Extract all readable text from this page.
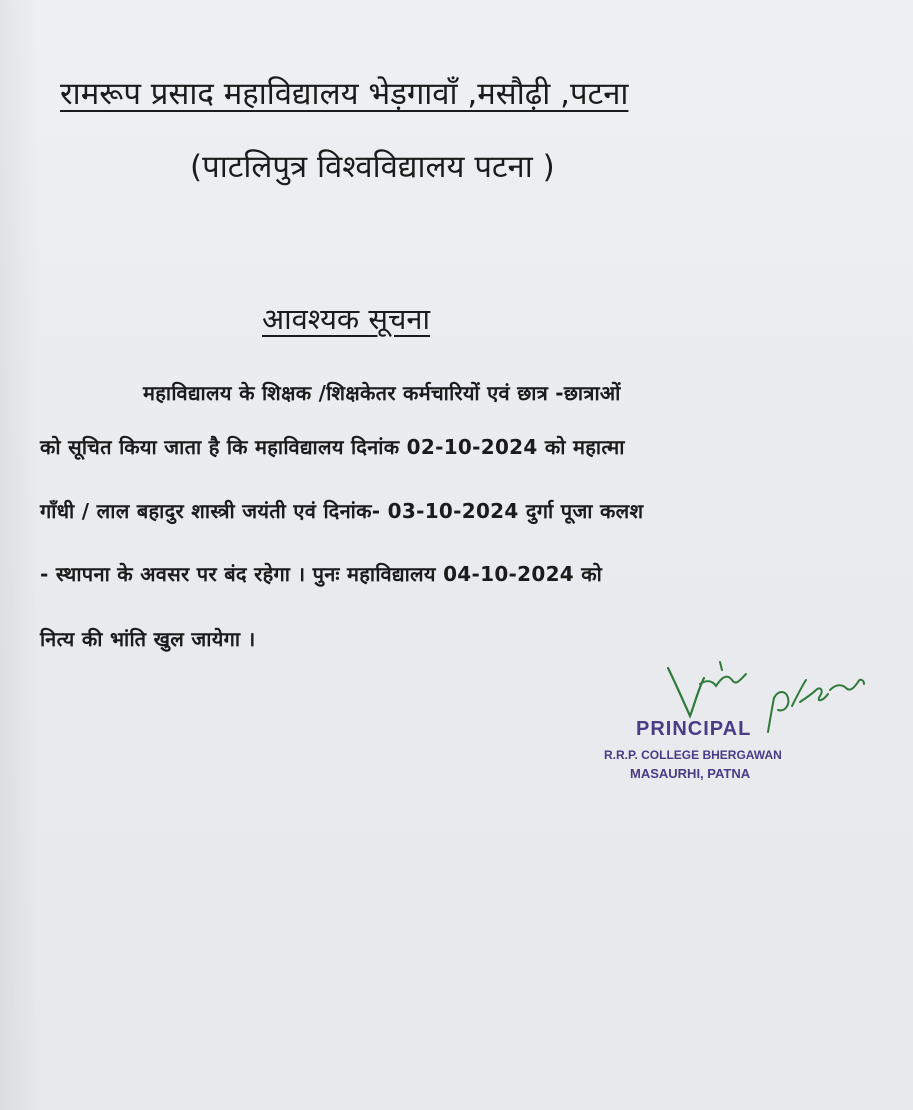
रामरूप प्रसाद महाविद्यालय भेड़गावाँ ,मसौढ़ी ,पटना
(पाटलिपुत्र विश्वविद्यालय पटना )
आवश्यक सूचना
महाविद्यालय के शिक्षक /शिक्षकेतर कर्मचारियों एवं छात्र -छात्राओं
को सूचित किया जाता है कि महाविद्यालय दिनांक 02-10-2024 को महात्मा
गाँधी / लाल बहादुर शास्त्री जयंती एवं दिनांक- 03-10-2024 दुर्गा पूजा कलश
- स्थापना के अवसर पर बंद रहेगा । पुनः महाविद्यालय 04-10-2024 को
नित्य की भांति खुल जायेगा ।
PRINCIPAL
R.R.P. COLLEGE BHERGAWAN
MASAURHI, PATNA
